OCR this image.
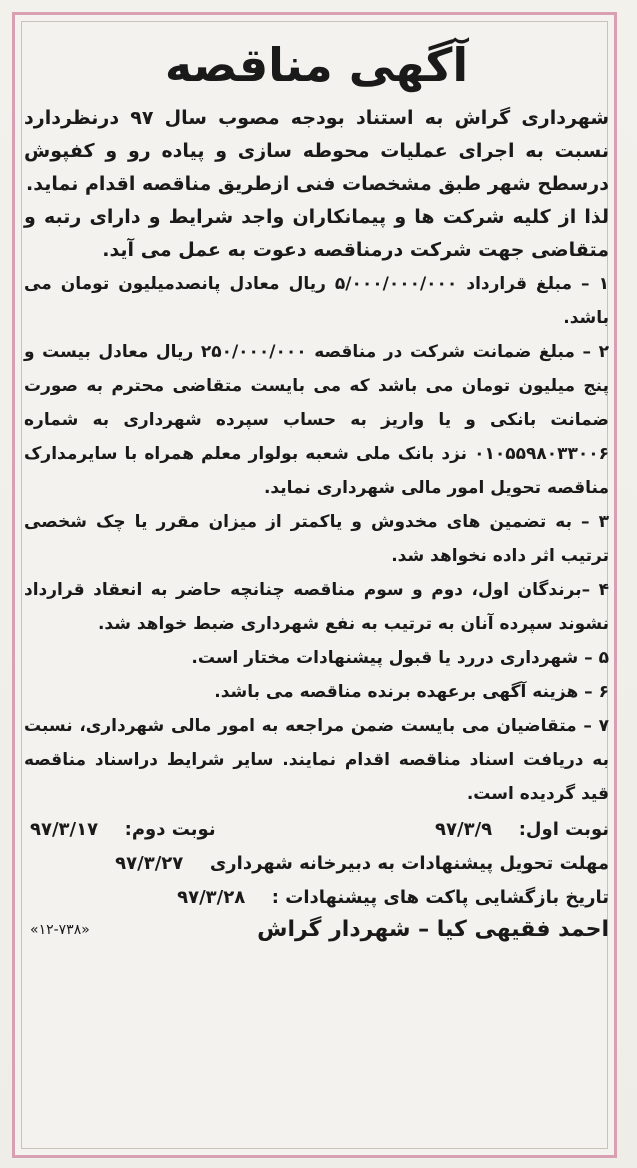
آگهی مناقصه

شهرداری گراش به استناد بودجه مصوب سال ۹۷ درنظردارد نسبت به اجرای عملیات محوطه سازی و پیاده رو و کفپوش درسطح شهر طبق مشخصات فنی ازطریق مناقصه اقدام نماید.

لذا از کلیه شرکت ها و پیمانکاران واجد شرایط و دارای رتبه و متقاضی جهت شرکت درمناقصه دعوت به عمل می آید.

۱ – مبلغ قرارداد ۵/۰۰۰/۰۰۰/۰۰۰ ریال معادل پانصدمیلیون تومان می باشد.

۲ – مبلغ ضمانت شرکت در مناقصه ۲۵۰/۰۰۰/۰۰۰ ریال معادل بیست و پنج میلیون تومان می باشد که می بایست متقاضی محترم به صورت ضمانت بانکی و یا واریز به حساب سپرده شهرداری به شماره ۰۱۰۵۵۹۸۰۳۳۰۰۶ نزد بانک ملی شعبه بولوار معلم همراه با سایرمدارک مناقصه تحویل امور مالی شهرداری نماید.

۳ – به تضمین های مخدوش و یاکمتر از میزان مقرر یا چک شخصی ترتیب اثر داده نخواهد شد.

۴ –برندگان اول، دوم و سوم مناقصه چنانچه حاضر به انعقاد قرارداد نشوند سپرده آنان به ترتیب به نفع شهرداری ضبط خواهد شد.

۵ – شهرداری دررد یا قبول پیشنهادات مختار است.

۶ – هزینه آگهی برعهده برنده مناقصه می باشد.

۷ – متقاضیان می بایست ضمن مراجعه به امور مالی شهرداری، نسبت به دریافت اسناد مناقصه اقدام نمایند. سایر شرایط دراسناد مناقصه قید گردیده است.

نوبت اول:  ۹۷/۳/۹
نوبت دوم:  ۹۷/۳/۱۷

مهلت تحویل پیشنهادات به دبیرخانه شهرداری  ۹۷/۳/۲۷

تاریخ بازگشایی پاکت های پیشنهادات :  ۹۷/۳/۲۸

احمد فقیهی کیا – شهردار گراش
«۱۲-۷۳۸»
